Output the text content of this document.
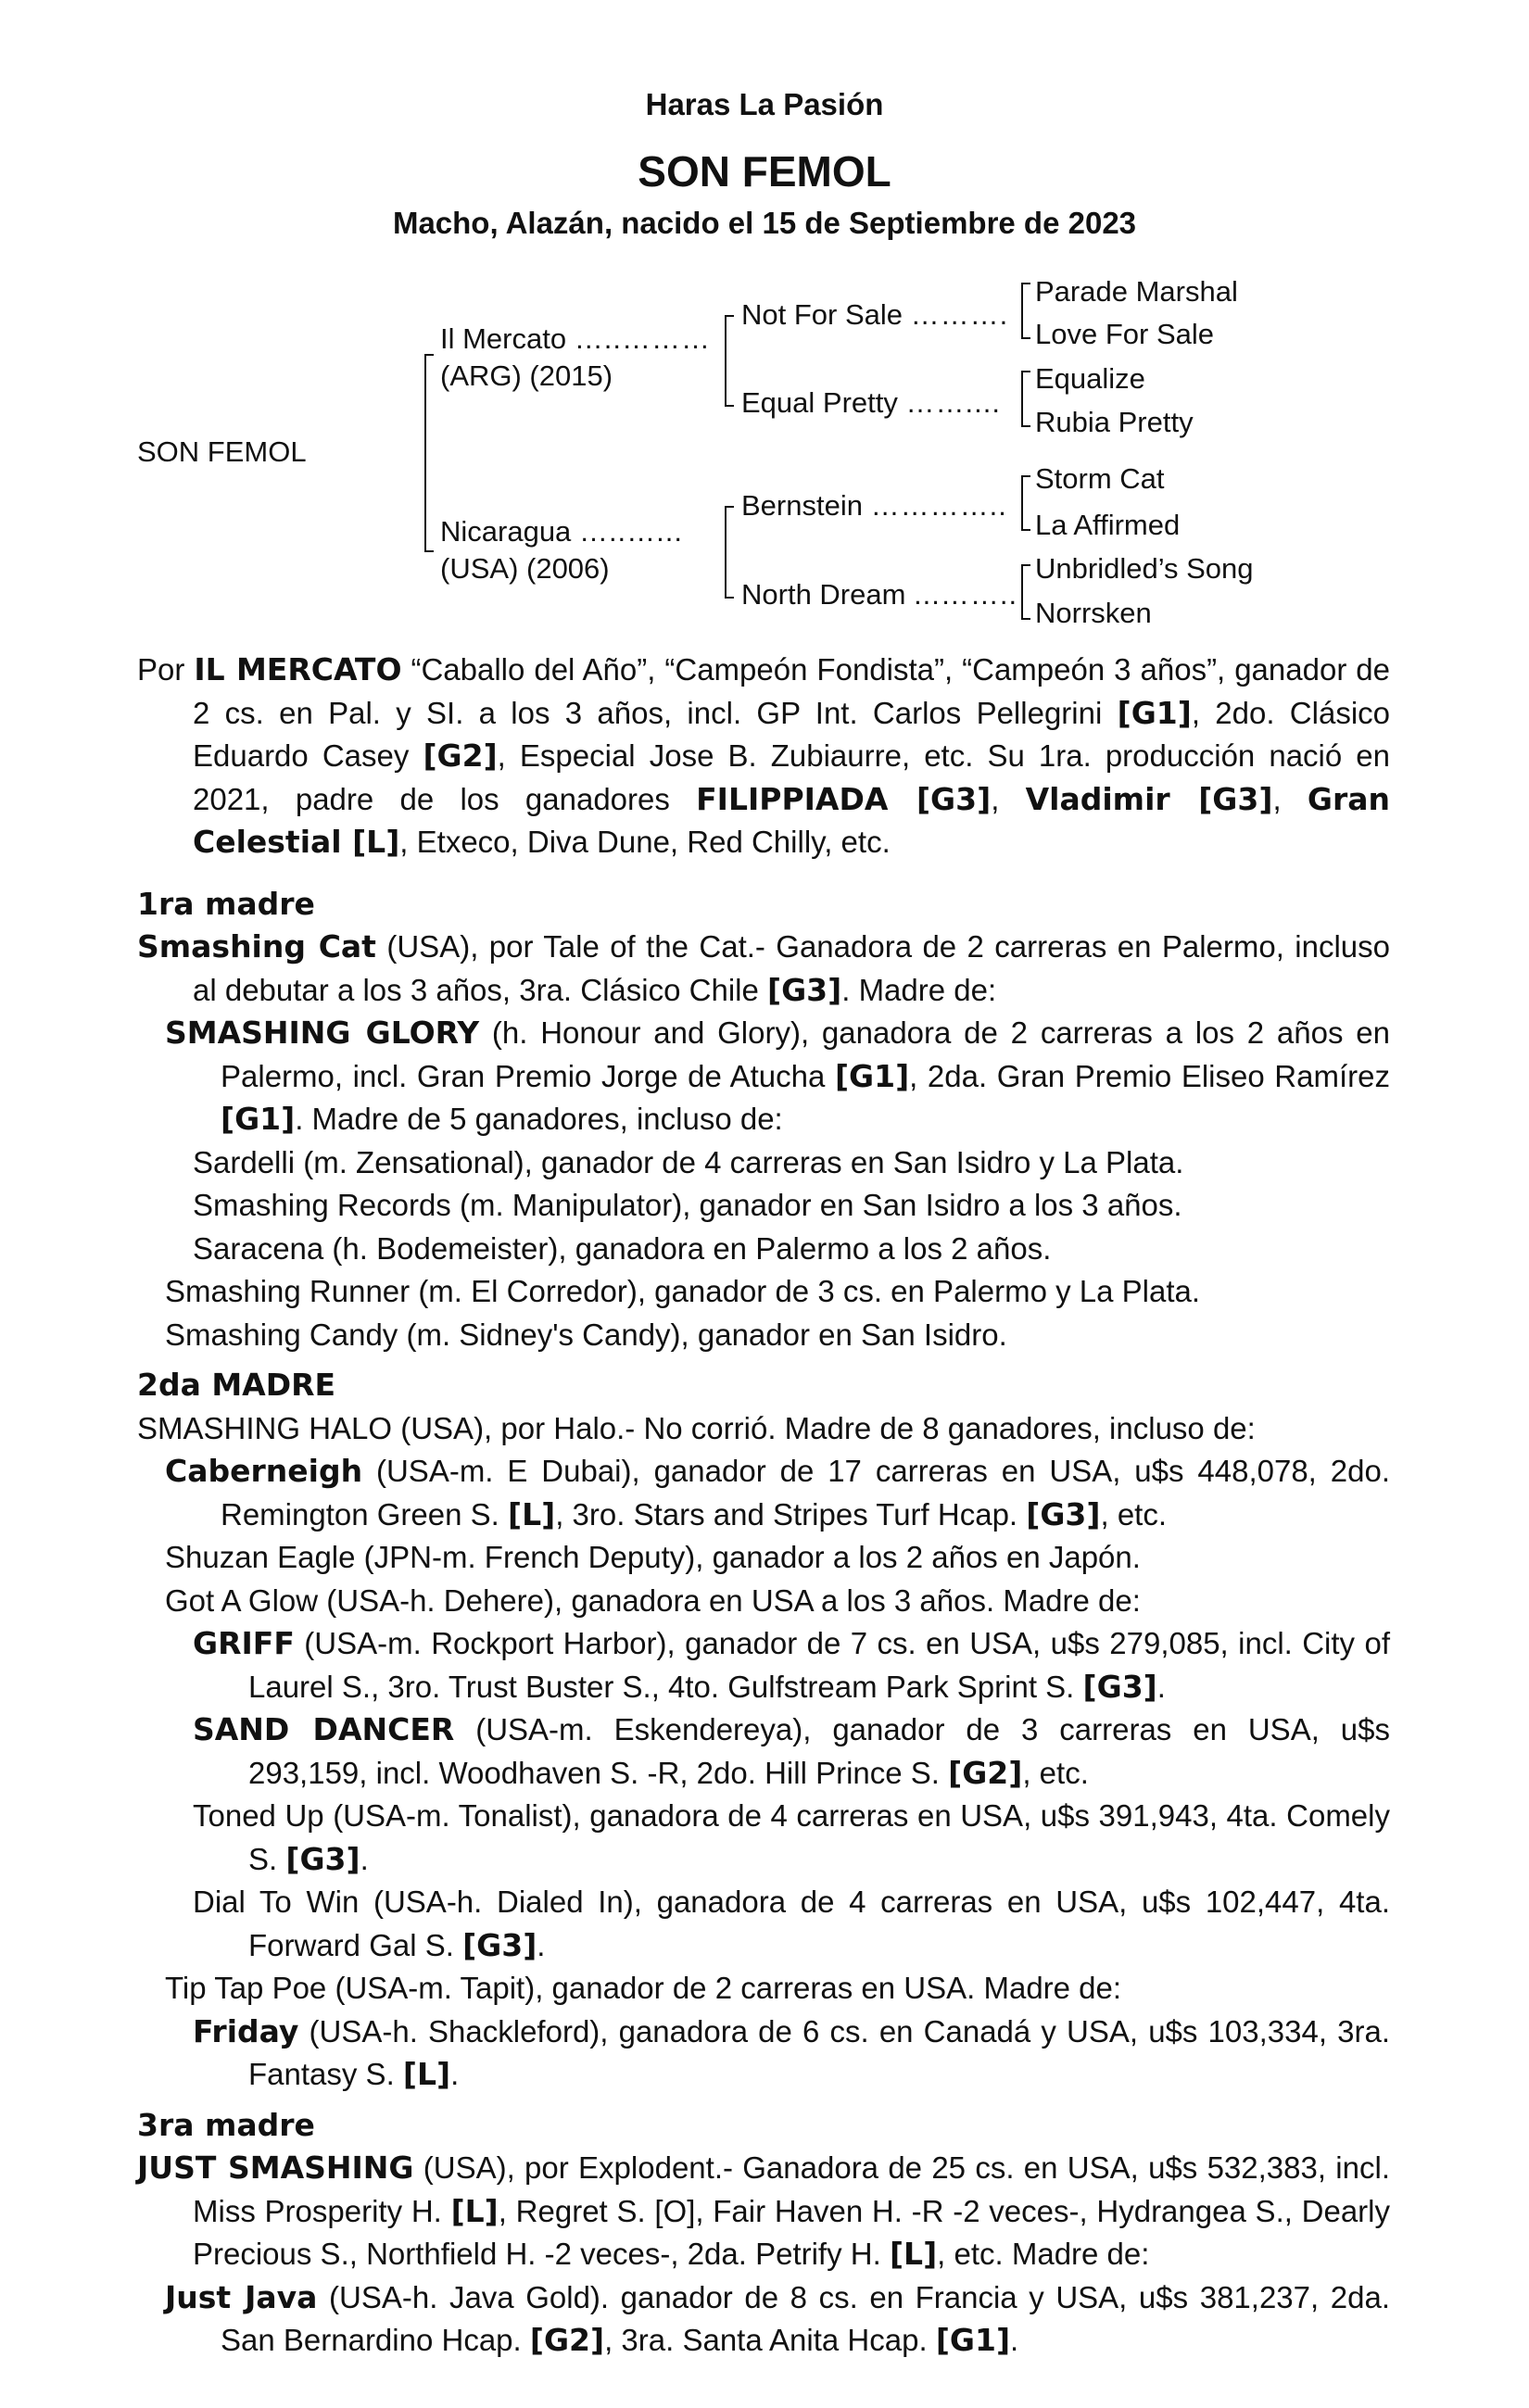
Haras La Pasión
SON FEMOL
Macho, Alazán, nacido el 15 de Septiembre de 2023
SON FEMOL
Il Mercato …..………
(ARG) (2015)
Nicaragua …..…...
(USA) (2006)
Not For Sale ……….
Equal Pretty ……....
Bernstein …………..
North Dream ...……..
Parade Marshal
Love For Sale
Equalize
Rubia Pretty
Storm Cat
La Affirmed
Unbridled’s Song
Norrsken

Por IL MERCATO “Caballo del Año”, “Campeón Fondista”, “Campeón 3 años”, ganador de 2 cs. en Pal. y SI. a los 3 años, incl. GP Int. Carlos Pellegrini [G1], 2do. Clásico Eduardo Casey [G2], Especial Jose B. Zubiaurre, etc. Su 1ra. producción nació en 2021, padre de los ganadores FILIPPIADA [G3], Vladimir [G3], Gran Celestial [L], Etxeco, Diva Dune, Red Chilly, etc.

1ra madre

Smashing Cat (USA), por Tale of the Cat.- Ganadora de 2 carreras en Palermo, incluso al debutar a los 3 años, 3ra. Clásico Chile [G3]. Madre de:

SMASHING GLORY (h. Honour and Glory), ganadora de 2 carreras a los 2 años en Palermo, incl. Gran Premio Jorge de Atucha [G1], 2da. Gran Premio Eliseo Ramírez [G1]. Madre de 5 ganadores, incluso de:

Sardelli (m. Zensational), ganador de 4 carreras en San Isidro y La Plata.

Smashing Records (m. Manipulator), ganador en San Isidro a los 3 años.

Saracena (h. Bodemeister), ganadora en Palermo a los 2 años.

Smashing Runner (m. El Corredor), ganador de 3 cs. en Palermo y La Plata.

Smashing Candy (m. Sidney's Candy), ganador en San Isidro.

2da MADRE

SMASHING HALO (USA), por Halo.- No corrió. Madre de 8 ganadores, incluso de:

Caberneigh (USA-m. E Dubai), ganador de 17 carreras en USA, u$s 448,078, 2do. Remington Green S. [L], 3ro. Stars and Stripes Turf Hcap. [G3], etc.

Shuzan Eagle (JPN-m. French Deputy), ganador a los 2 años en Japón.

Got A Glow (USA-h. Dehere), ganadora en USA a los 3 años. Madre de:

GRIFF (USA-m. Rockport Harbor), ganador de 7 cs. en USA, u$s 279,085, incl. City of Laurel S., 3ro. Trust Buster S., 4to. Gulfstream Park Sprint S. [G3].

SAND DANCER (USA-m. Eskendereya), ganador de 3 carreras en USA, u$s 293,159, incl. Woodhaven S. -R, 2do. Hill Prince S. [G2], etc.

Toned Up (USA-m. Tonalist), ganadora de 4 carreras en USA, u$s 391,943, 4ta. Comely S. [G3].

Dial To Win (USA-h. Dialed In), ganadora de 4 carreras en USA, u$s 102,447, 4ta. Forward Gal S. [G3].

Tip Tap Poe (USA-m. Tapit), ganador de 2 carreras en USA. Madre de:

Friday (USA-h. Shackleford), ganadora de 6 cs. en Canadá y USA, u$s 103,334, 3ra. Fantasy S. [L].

3ra madre

JUST SMASHING (USA), por Explodent.- Ganadora de 25 cs. en USA, u$s 532,383, incl. Miss Prosperity H. [L], Regret S. [O], Fair Haven H. -R -2 veces-, Hydrangea S., Dearly Precious S., Northfield H. -2 veces-, 2da. Petrify H. [L], etc. Madre de:

Just Java (USA-h. Java Gold). ganador de 8 cs. en Francia y USA, u$s 381,237, 2da. San Bernardino Hcap. [G2], 3ra. Santa Anita Hcap. [G1].
